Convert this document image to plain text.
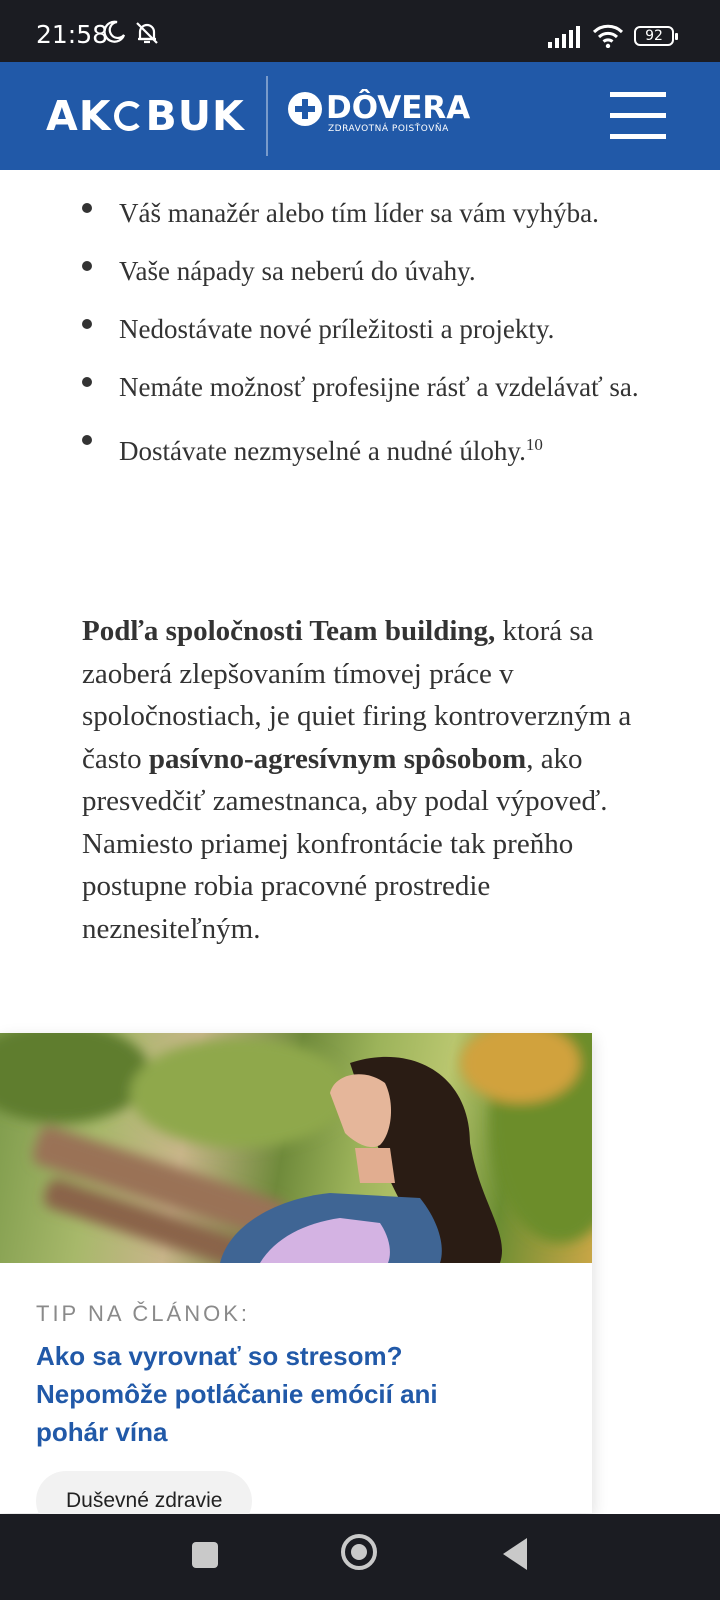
21:58	92
AK BUK	DÔVERA
ZDRAVOTNÁ POISŤOVŇA
Váš manažér alebo tím líder sa vám vyhýba.
Vaše nápady sa neberú do úvahy.
Nedostávate nové príležitosti a projekty.
Nemáte možnosť profesijne rásť a vzdelávať sa.
Dostávate nezmyselné a nudné úlohy.$^{10}$

Podľa spoločnosti Team building, ktorá sa zaoberá zlepšovaním tímovej práce v spoločnostiach, je quiet firing kontroverzným a často pasívno-agresívnym spôsobom, ako presvedčiť zamestnanca, aby podal výpoveď. Namiesto priamej konfrontácie tak preňho postupne robia pracovné prostredie neznesiteľným.

TIP NA ČLÁNOK:
Ako sa vyrovnať so stresom? Nepomôže potláčanie emócií ani pohár vína
Duševné zdravie
